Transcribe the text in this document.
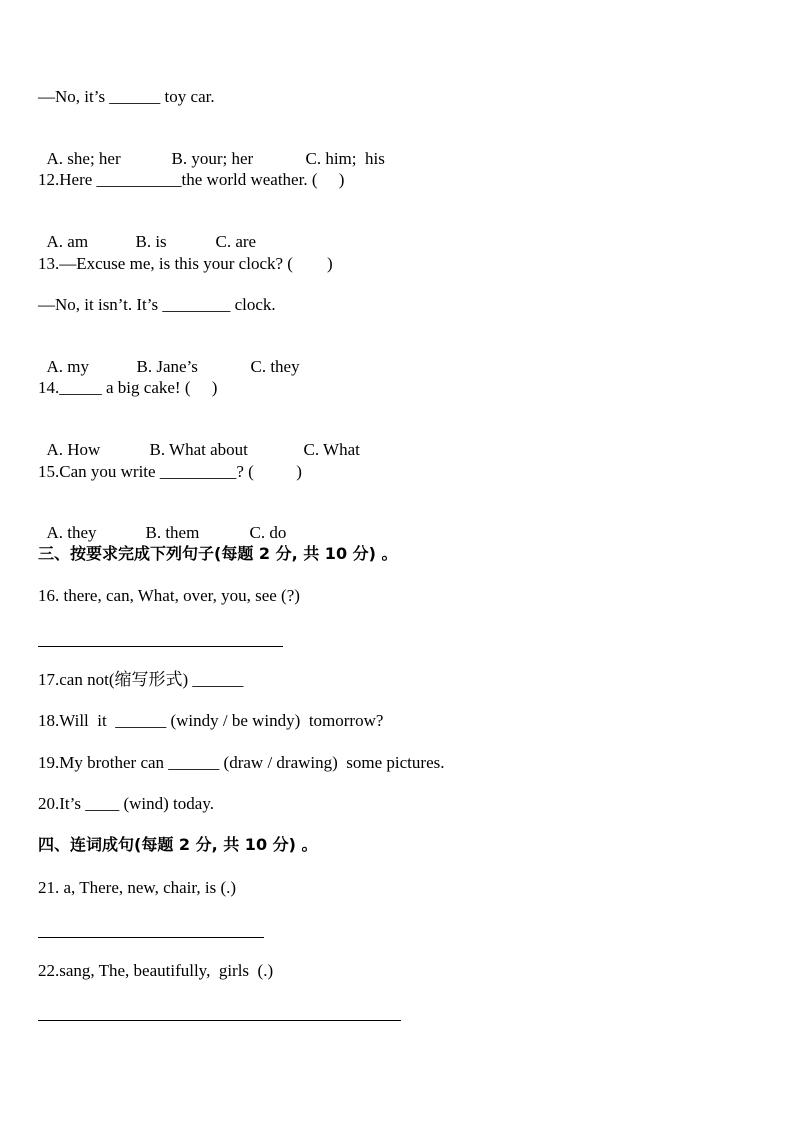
—No, it’s ______ toy car.

A. she; her	B. your; her	C. him;  his

12.Here __________the world weather. (     )

A. am	B. is	C. are

13.—Excuse me, is this your clock? (        )
—No, it isn’t. It’s ________ clock.

A. my	B. Jane’s	C. they

14._____ a big cake! (     )

A. How	B. What about	C. What

15.Can you write _________? (          )

A. they	B. them	C. do

三、按要求完成下列句子(每题 2 分, 共 10 分) 。
16. there, can, What, over, you, see (?)
17.can not(缩写形式) ______
18.Will  it  ______ (windy / be windy)  tomorrow?
19.My brother can ______ (draw / drawing)  some pictures.
20.It’s ____ (wind) today.
四、连词成句(每题 2 分, 共 10 分) 。
21. a, There, new, chair, is (.)
22.sang, The, beautifully,  girls  (.)
